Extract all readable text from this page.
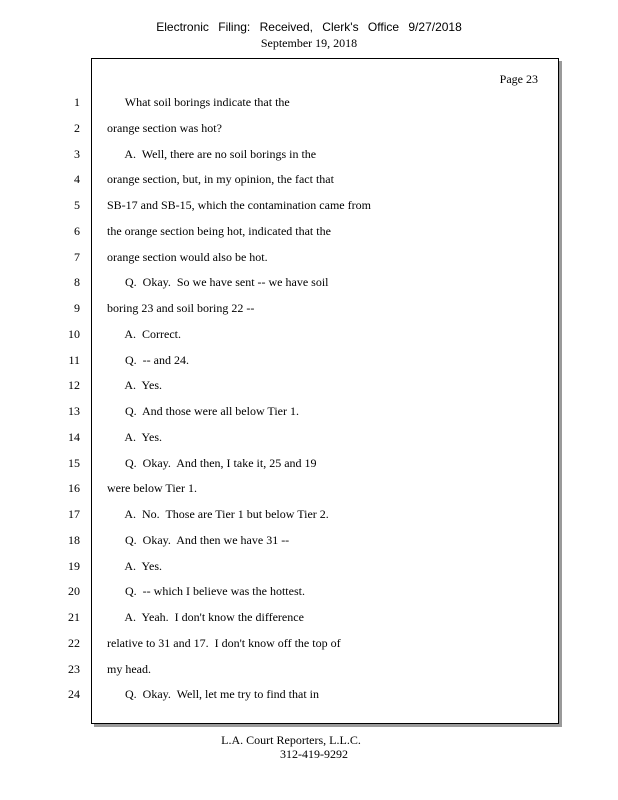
Electronic Filing: Received, Clerk's Office 9/27/2018
September 19, 2018
Page 23
1 What soil borings indicate that the
2 orange section was hot?
3 A.  Well, there are no soil borings in the
4 orange section, but, in my opinion, the fact that
5 SB-17 and SB-15, which the contamination came from
6 the orange section being hot, indicated that the
7 orange section would also be hot.
8 Q.  Okay.  So we have sent -- we have soil
9 boring 23 and soil boring 22 --
10 A.  Correct.
11 Q.  -- and 24.
12 A.  Yes.
13 Q.  And those were all below Tier 1.
14 A.  Yes.
15 Q.  Okay.  And then, I take it, 25 and 19
16 were below Tier 1.
17 A.  No.  Those are Tier 1 but below Tier 2.
18 Q.  Okay.  And then we have 31 --
19 A.  Yes.
20 Q.  -- which I believe was the hottest.
21 A.  Yeah.  I don't know the difference
22 relative to 31 and 17.  I don't know off the top of
23 my head.
24 Q.  Okay.  Well, let me try to find that in
L.A. Court Reporters, L.L.C.
312-419-9292
